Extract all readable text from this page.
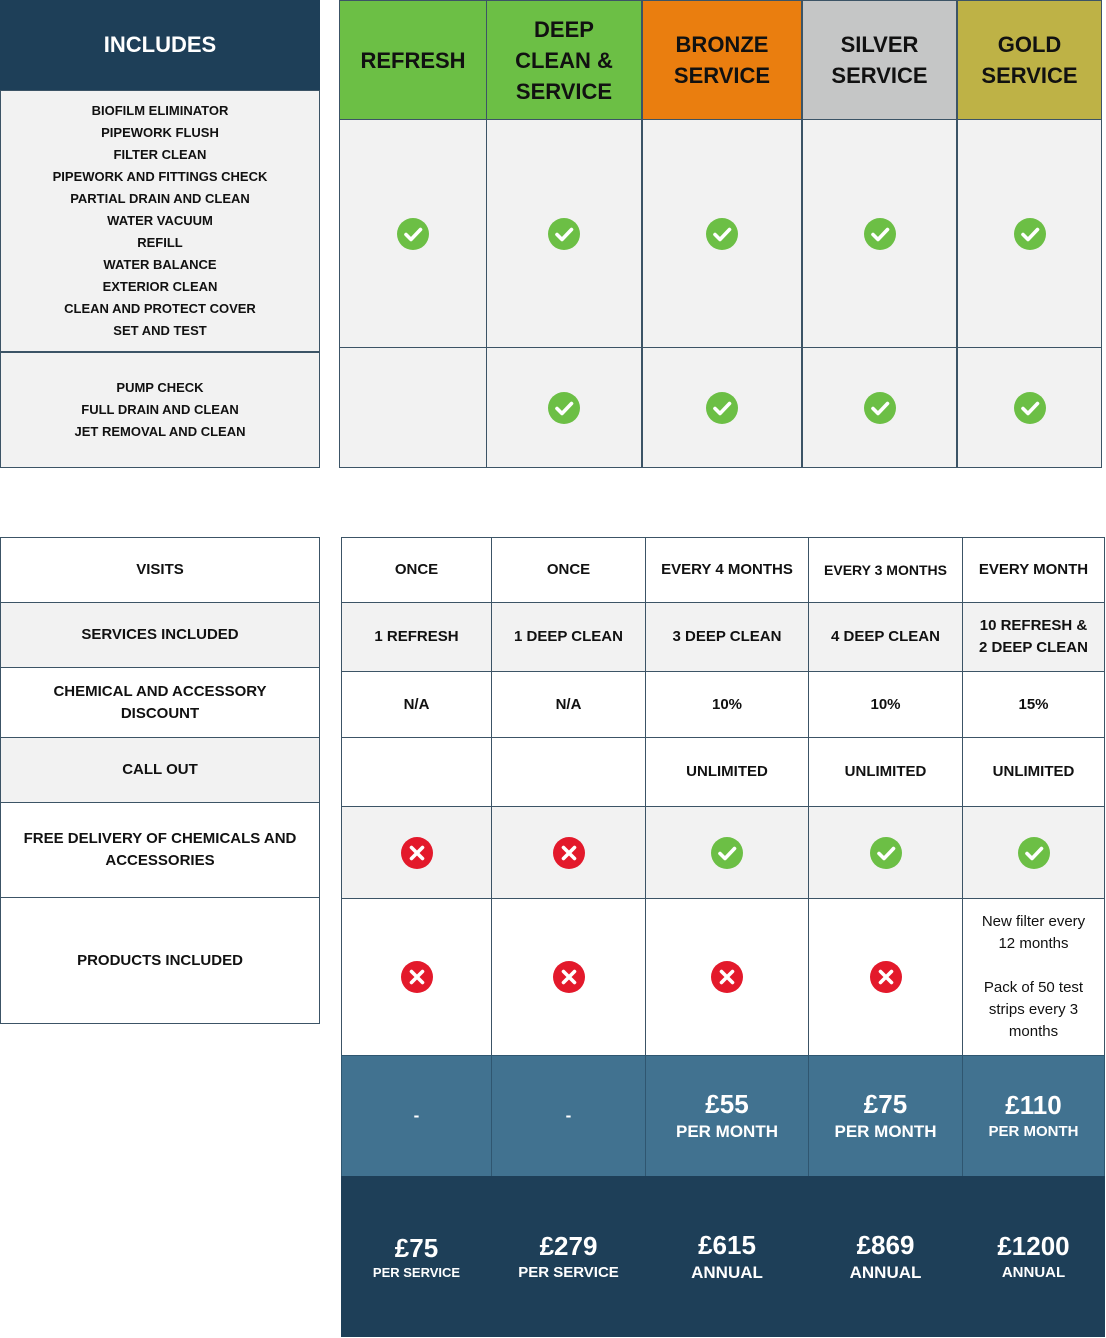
INCLUDES
BIOFILM ELIMINATOR
PIPEWORK FLUSH
FILTER CLEAN
PIPEWORK AND FITTINGS CHECK
PARTIAL DRAIN AND CLEAN
WATER VACUUM
REFILL
WATER BALANCE
EXTERIOR CLEAN
CLEAN AND PROTECT COVER
SET AND TEST
PUMP CHECK
FULL DRAIN AND CLEAN
JET REMOVAL AND CLEAN
REFRESH
DEEP
CLEAN &
SERVICE
BRONZE
SERVICE
SILVER
SERVICE
GOLD
SERVICE
VISITS
SERVICES INCLUDED
CHEMICAL AND ACCESSORY
DISCOUNT
CALL OUT
FREE DELIVERY OF CHEMICALS AND
ACCESSORIES
PRODUCTS INCLUDED
ONCE
1 REFRESH
N/A
-
£75
PER SERVICE
ONCE
1 DEEP CLEAN
N/A
-
£279
PER SERVICE
EVERY 4 MONTHS
3 DEEP CLEAN
10%
UNLIMITED
£55
PER MONTH
£615
ANNUAL
EVERY 3 MONTHS
4 DEEP CLEAN
10%
UNLIMITED
£75
PER MONTH
£869
ANNUAL
EVERY MONTH
10 REFRESH &
2 DEEP CLEAN
15%
UNLIMITED
New filter every
12 months

Pack of 50 test
strips every 3
months
£110
PER MONTH
£1200
ANNUAL
